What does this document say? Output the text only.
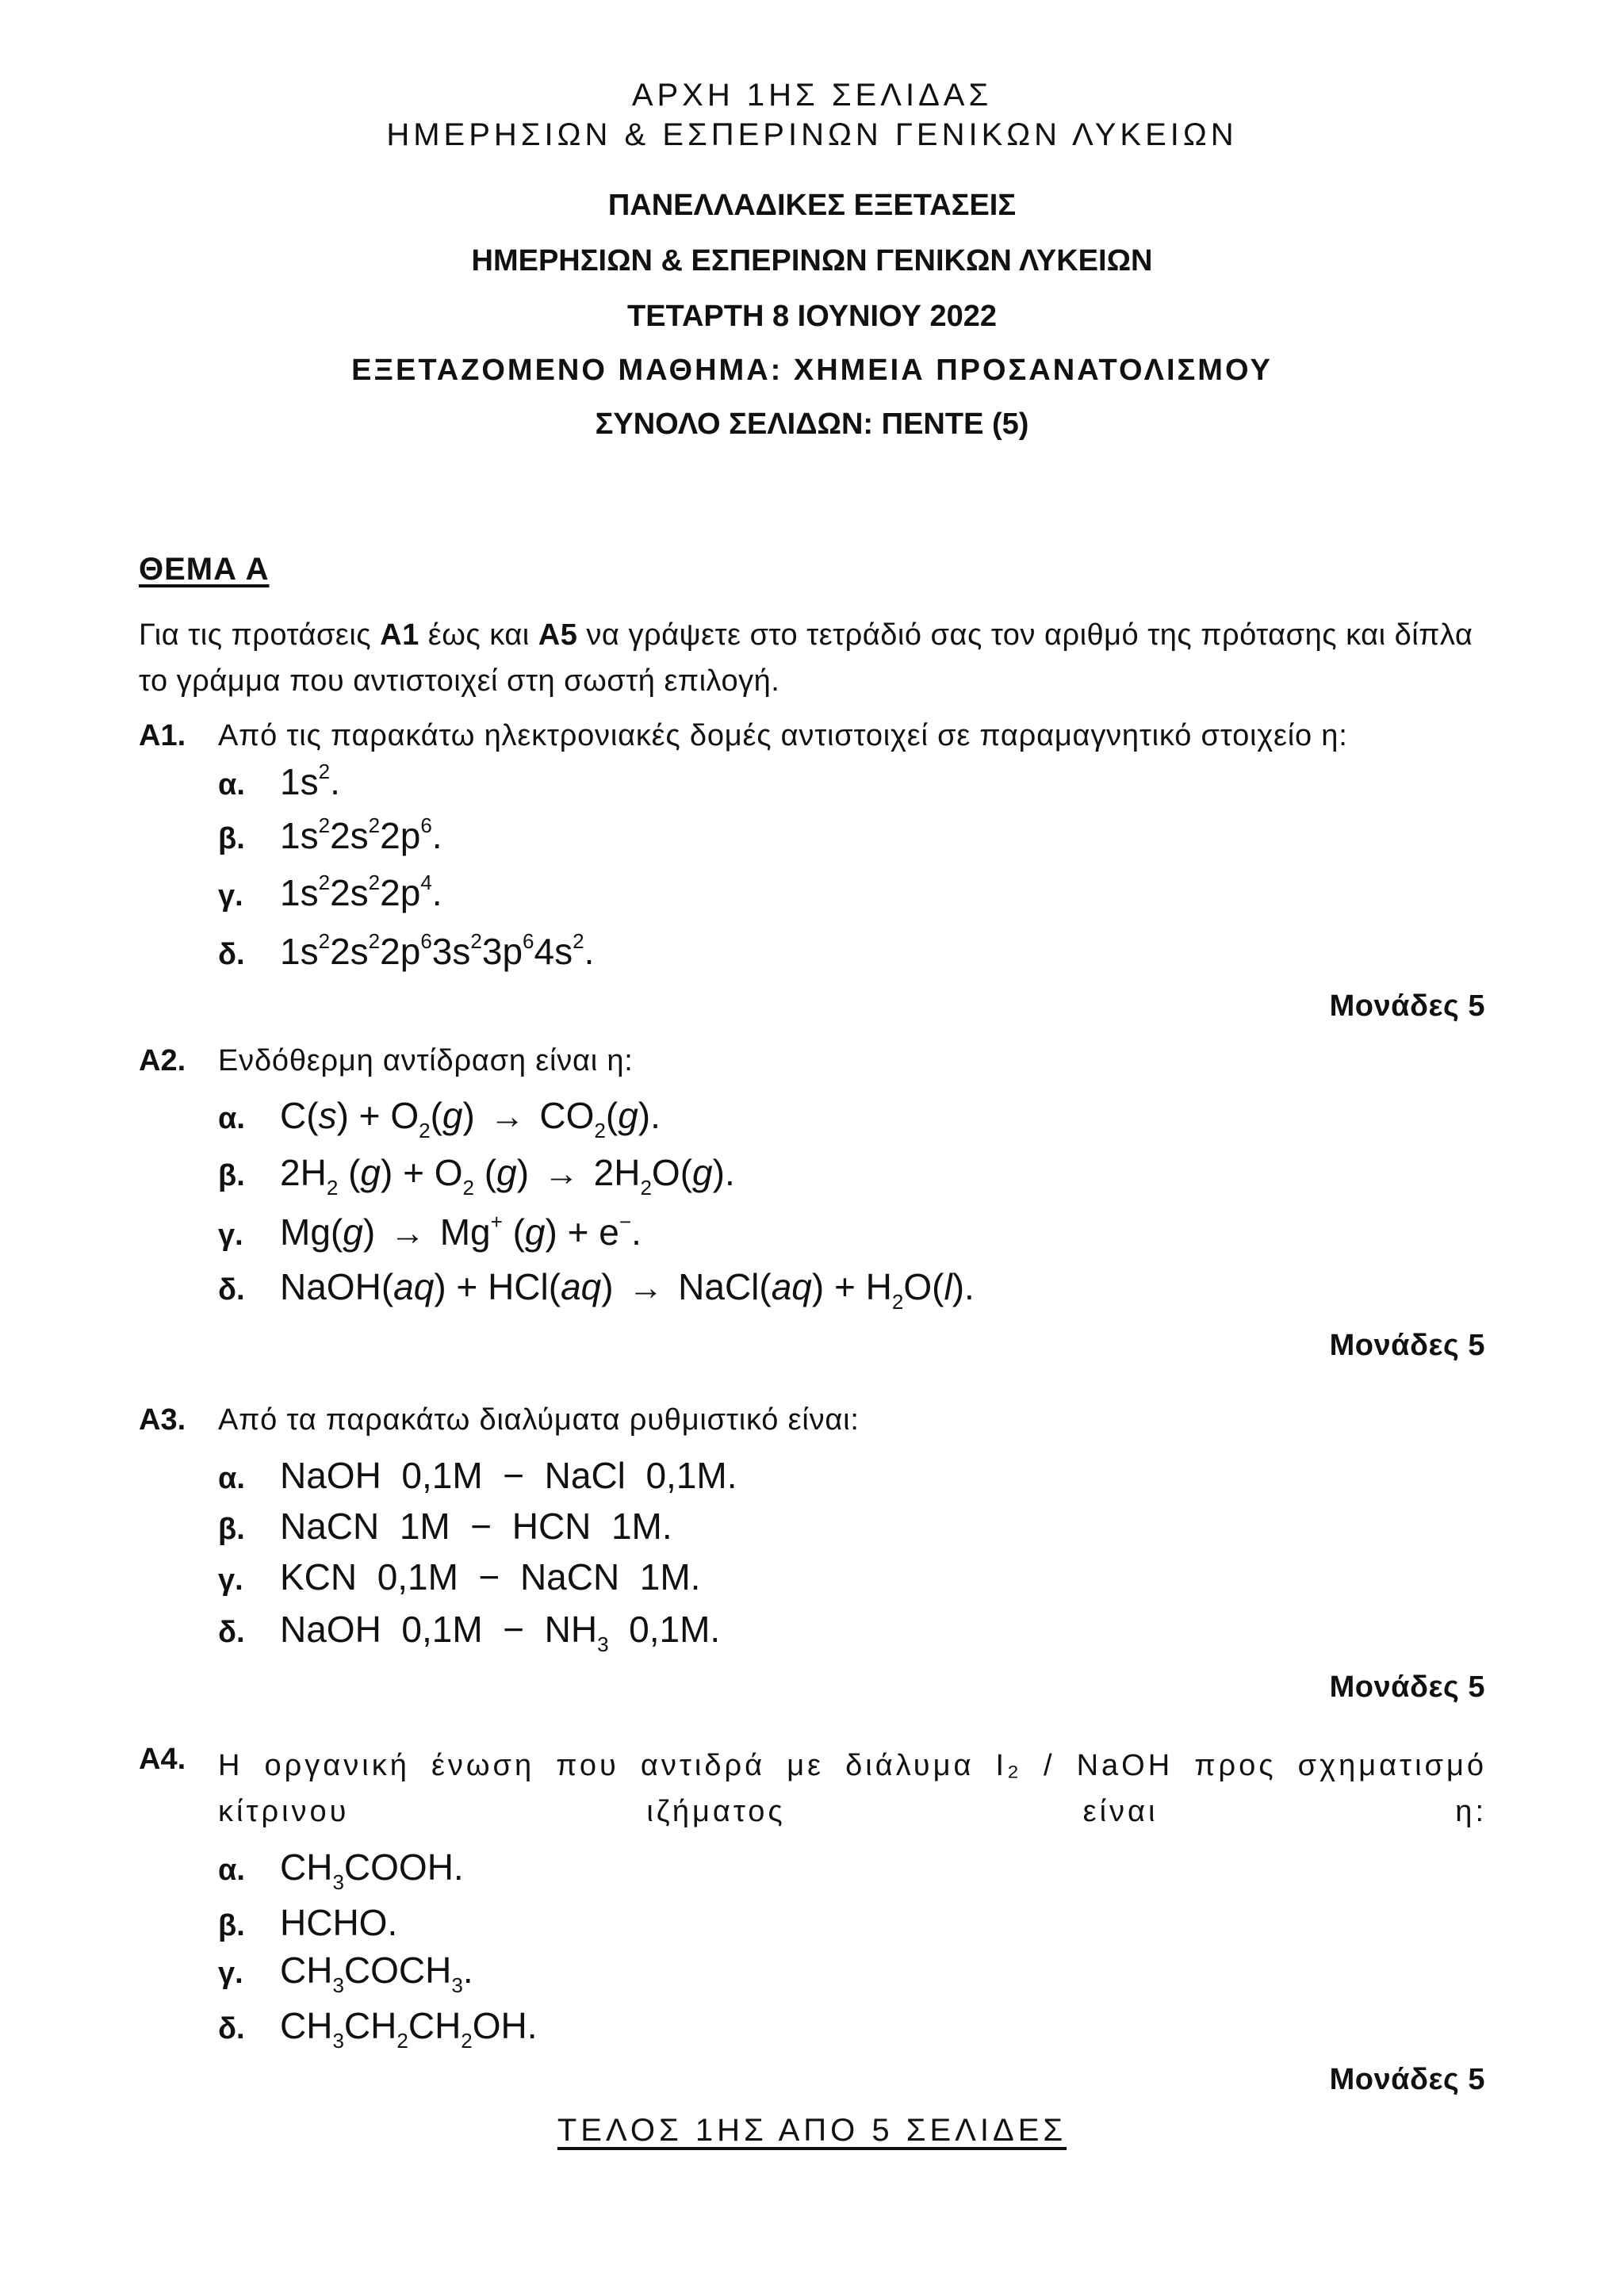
ΑΡΧΗ 1ΗΣ ΣΕΛΙΔΑΣ
ΗΜΕΡΗΣΙΩΝ & ΕΣΠΕΡΙΝΩΝ ΓΕΝΙΚΩΝ ΛΥΚΕΙΩΝ
ΠΑΝΕΛΛΑΔΙΚΕΣ ΕΞΕΤΑΣΕΙΣ
ΗΜΕΡΗΣΙΩΝ & ΕΣΠΕΡΙΝΩΝ ΓΕΝΙΚΩΝ ΛΥΚΕΙΩΝ
ΤΕΤΑΡΤΗ 8 ΙΟΥΝΙΟΥ 2022
ΕΞΕΤΑΖΟΜΕΝΟ ΜΑΘΗΜΑ: ΧΗΜΕΙΑ ΠΡΟΣΑΝΑΤΟΛΙΣΜΟΥ
ΣΥΝΟΛΟ ΣΕΛΙΔΩΝ: ΠΕΝΤΕ (5)
ΘΕΜΑ Α
Για τις προτάσεις Α1 έως και Α5 να γράψετε στο τετράδιό σας τον αριθμό της πρότασης και δίπλα το γράμμα που αντιστοιχεί στη σωστή επιλογή.
Α1. Από τις παρακάτω ηλεκτρονιακές δομές αντιστοιχεί σε παραμαγνητικό στοιχείο η:
α. $1s^2$.
β. $1s^22s^22p^6$.
γ. $1s^22s^22p^4$.
δ. $1s^22s^22p^63s^23p^64s^2$.
Μονάδες 5
Α2. Ενδόθερμη αντίδραση είναι η:
α. $C(s) + O_2(g) \to CO_2(g)$.
β. $2H_2$ $(g) + O_2$ $(g) \to 2H_2O(g)$.
γ. Mg(g) → Mg+ (g) + e−.
δ. NaOH(aq) + HCl(aq) → NaCl(aq) + $H_2O(l)$.
Μονάδες 5
Α3. Από τα παρακάτω διαλύματα ρυθμιστικό είναι:
α. NaOH 0,1M − NaCl 0,1M.
β. NaCN 1M − HCN 1M.
γ. KCN 0,1M − NaCN 1M.
δ. NaOH $0,1M - NH_3$ 0,1M.
Μονάδες 5
Α4. Η οργανική ένωση που αντιδρά με διάλυμα I₂ / NaOH προς σχηματισμό κίτρινου ιζήματος είναι η:
α. $CH_3COOH$.
β. HCHO.
γ. $CH_3COCH_3$.
δ. $CH_3CH_2CH_2OH$.
Μονάδες 5
ΤΕΛΟΣ 1ΗΣ ΑΠΟ 5 ΣΕΛΙΔΕΣ
